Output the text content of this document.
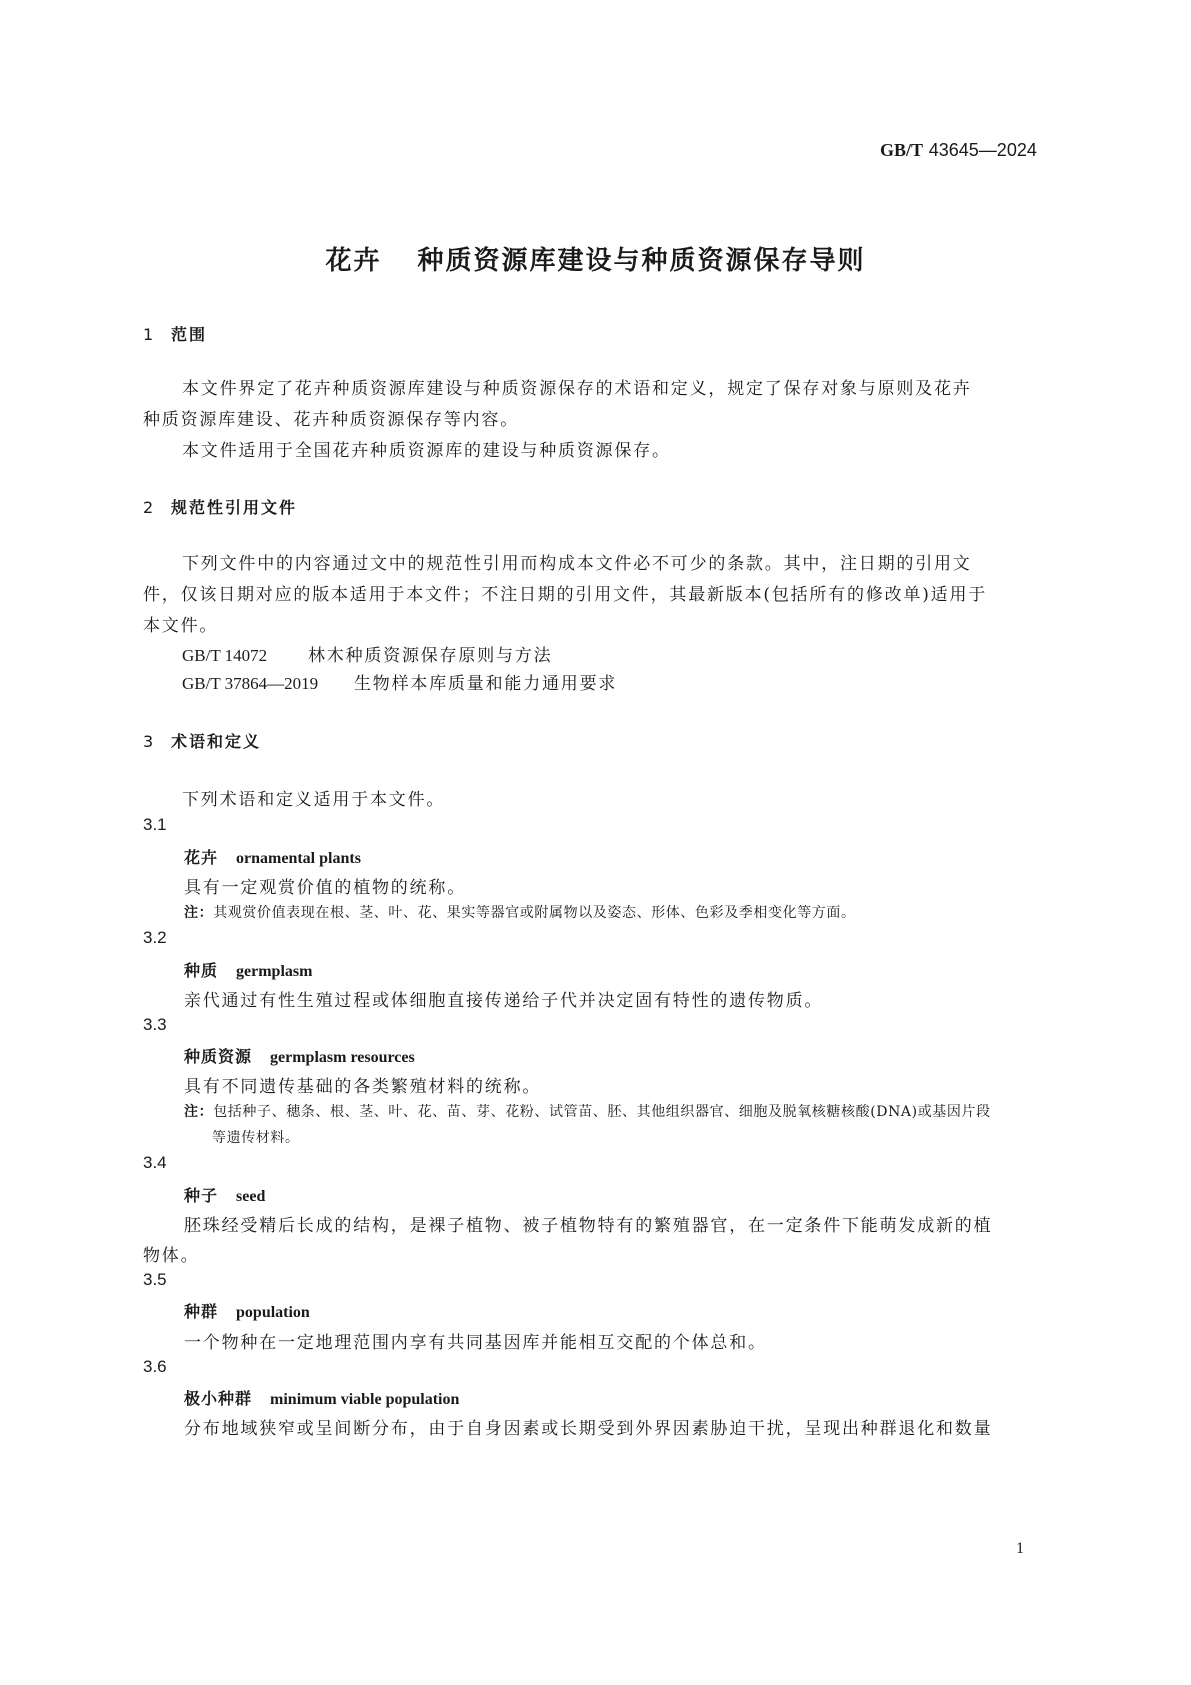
GB/T 43645—2024
花卉 种质资源库建设与种质资源保存导则
1 范围
本文件界定了花卉种质资源库建设与种质资源保存的术语和定义，规定了保存对象与原则及花卉
种质资源库建设、花卉种质资源保存等内容。
本文件适用于全国花卉种质资源库的建设与种质资源保存。
2 规范性引用文件
下列文件中的内容通过文中的规范性引用而构成本文件必不可少的条款。其中，注日期的引用文
件，仅该日期对应的版本适用于本文件；不注日期的引用文件，其最新版本(包括所有的修改单)适用于
本文件。
GB/T 14072 林木种质资源保存原则与方法
GB/T 37864—2019 生物样本库质量和能力通用要求
3 术语和定义
下列术语和定义适用于本文件。
3.1
花卉 ornamental plants
具有一定观赏价值的植物的统称。
注：其观赏价值表现在根、茎、叶、花、果实等器官或附属物以及姿态、形体、色彩及季相变化等方面。
3.2
种质 germplasm
亲代通过有性生殖过程或体细胞直接传递给子代并决定固有特性的遗传物质。
3.3
种质资源 germplasm resources
具有不同遗传基础的各类繁殖材料的统称。
注：包括种子、穗条、根、茎、叶、花、苗、芽、花粉、试管苗、胚、其他组织器官、细胞及脱氧核糖核酸(DNA)或基因片段
等遗传材料。
3.4
种子 seed
胚珠经受精后长成的结构，是裸子植物、被子植物特有的繁殖器官，在一定条件下能萌发成新的植
物体。
3.5
种群 population
一个物种在一定地理范围内享有共同基因库并能相互交配的个体总和。
3.6
极小种群 minimum viable population
分布地域狭窄或呈间断分布，由于自身因素或长期受到外界因素胁迫干扰，呈现出种群退化和数量
1
